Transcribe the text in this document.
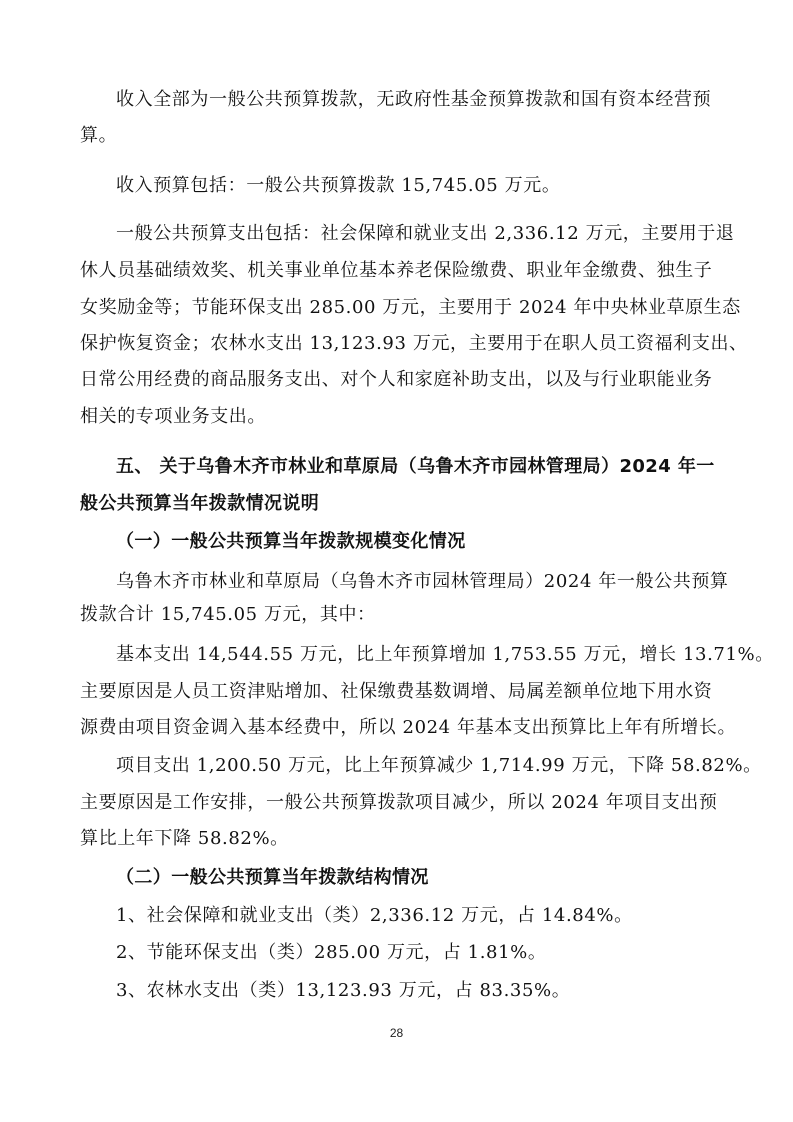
收入全部为一般公共预算拨款，无政府性基金预算拨款和国有资本经营预
算。
收入预算包括：一般公共预算拨款 15,745.05 万元。
一般公共预算支出包括：社会保障和就业支出 2,336.12 万元，主要用于退
休人员基础绩效奖、机关事业单位基本养老保险缴费、职业年金缴费、独生子
女奖励金等；节能环保支出 285.00 万元，主要用于 2024 年中央林业草原生态
保护恢复资金；农林水支出 13,123.93 万元，主要用于在职人员工资福利支出、
日常公用经费的商品服务支出、对个人和家庭补助支出，以及与行业职能业务
相关的专项业务支出。
五、 关于乌鲁木齐市林业和草原局（乌鲁木齐市园林管理局）2024 年一
般公共预算当年拨款情况说明
（一）一般公共预算当年拨款规模变化情况
乌鲁木齐市林业和草原局（乌鲁木齐市园林管理局）2024 年一般公共预算
拨款合计 15,745.05 万元，其中：
基本支出 14,544.55 万元，比上年预算增加 1,753.55 万元，增长 13.71%。
主要原因是人员工资津贴增加、社保缴费基数调增、局属差额单位地下用水资
源费由项目资金调入基本经费中，所以 2024 年基本支出预算比上年有所增长。
项目支出 1,200.50 万元，比上年预算减少 1,714.99 万元，下降 58.82%。
主要原因是工作安排，一般公共预算拨款项目减少，所以 2024 年项目支出预
算比上年下降 58.82%。
（二）一般公共预算当年拨款结构情况
1、社会保障和就业支出（类）2,336.12 万元，占 14.84%。
2、节能环保支出（类）285.00 万元，占 1.81%。
3、农林水支出（类）13,123.93 万元，占 83.35%。
28
